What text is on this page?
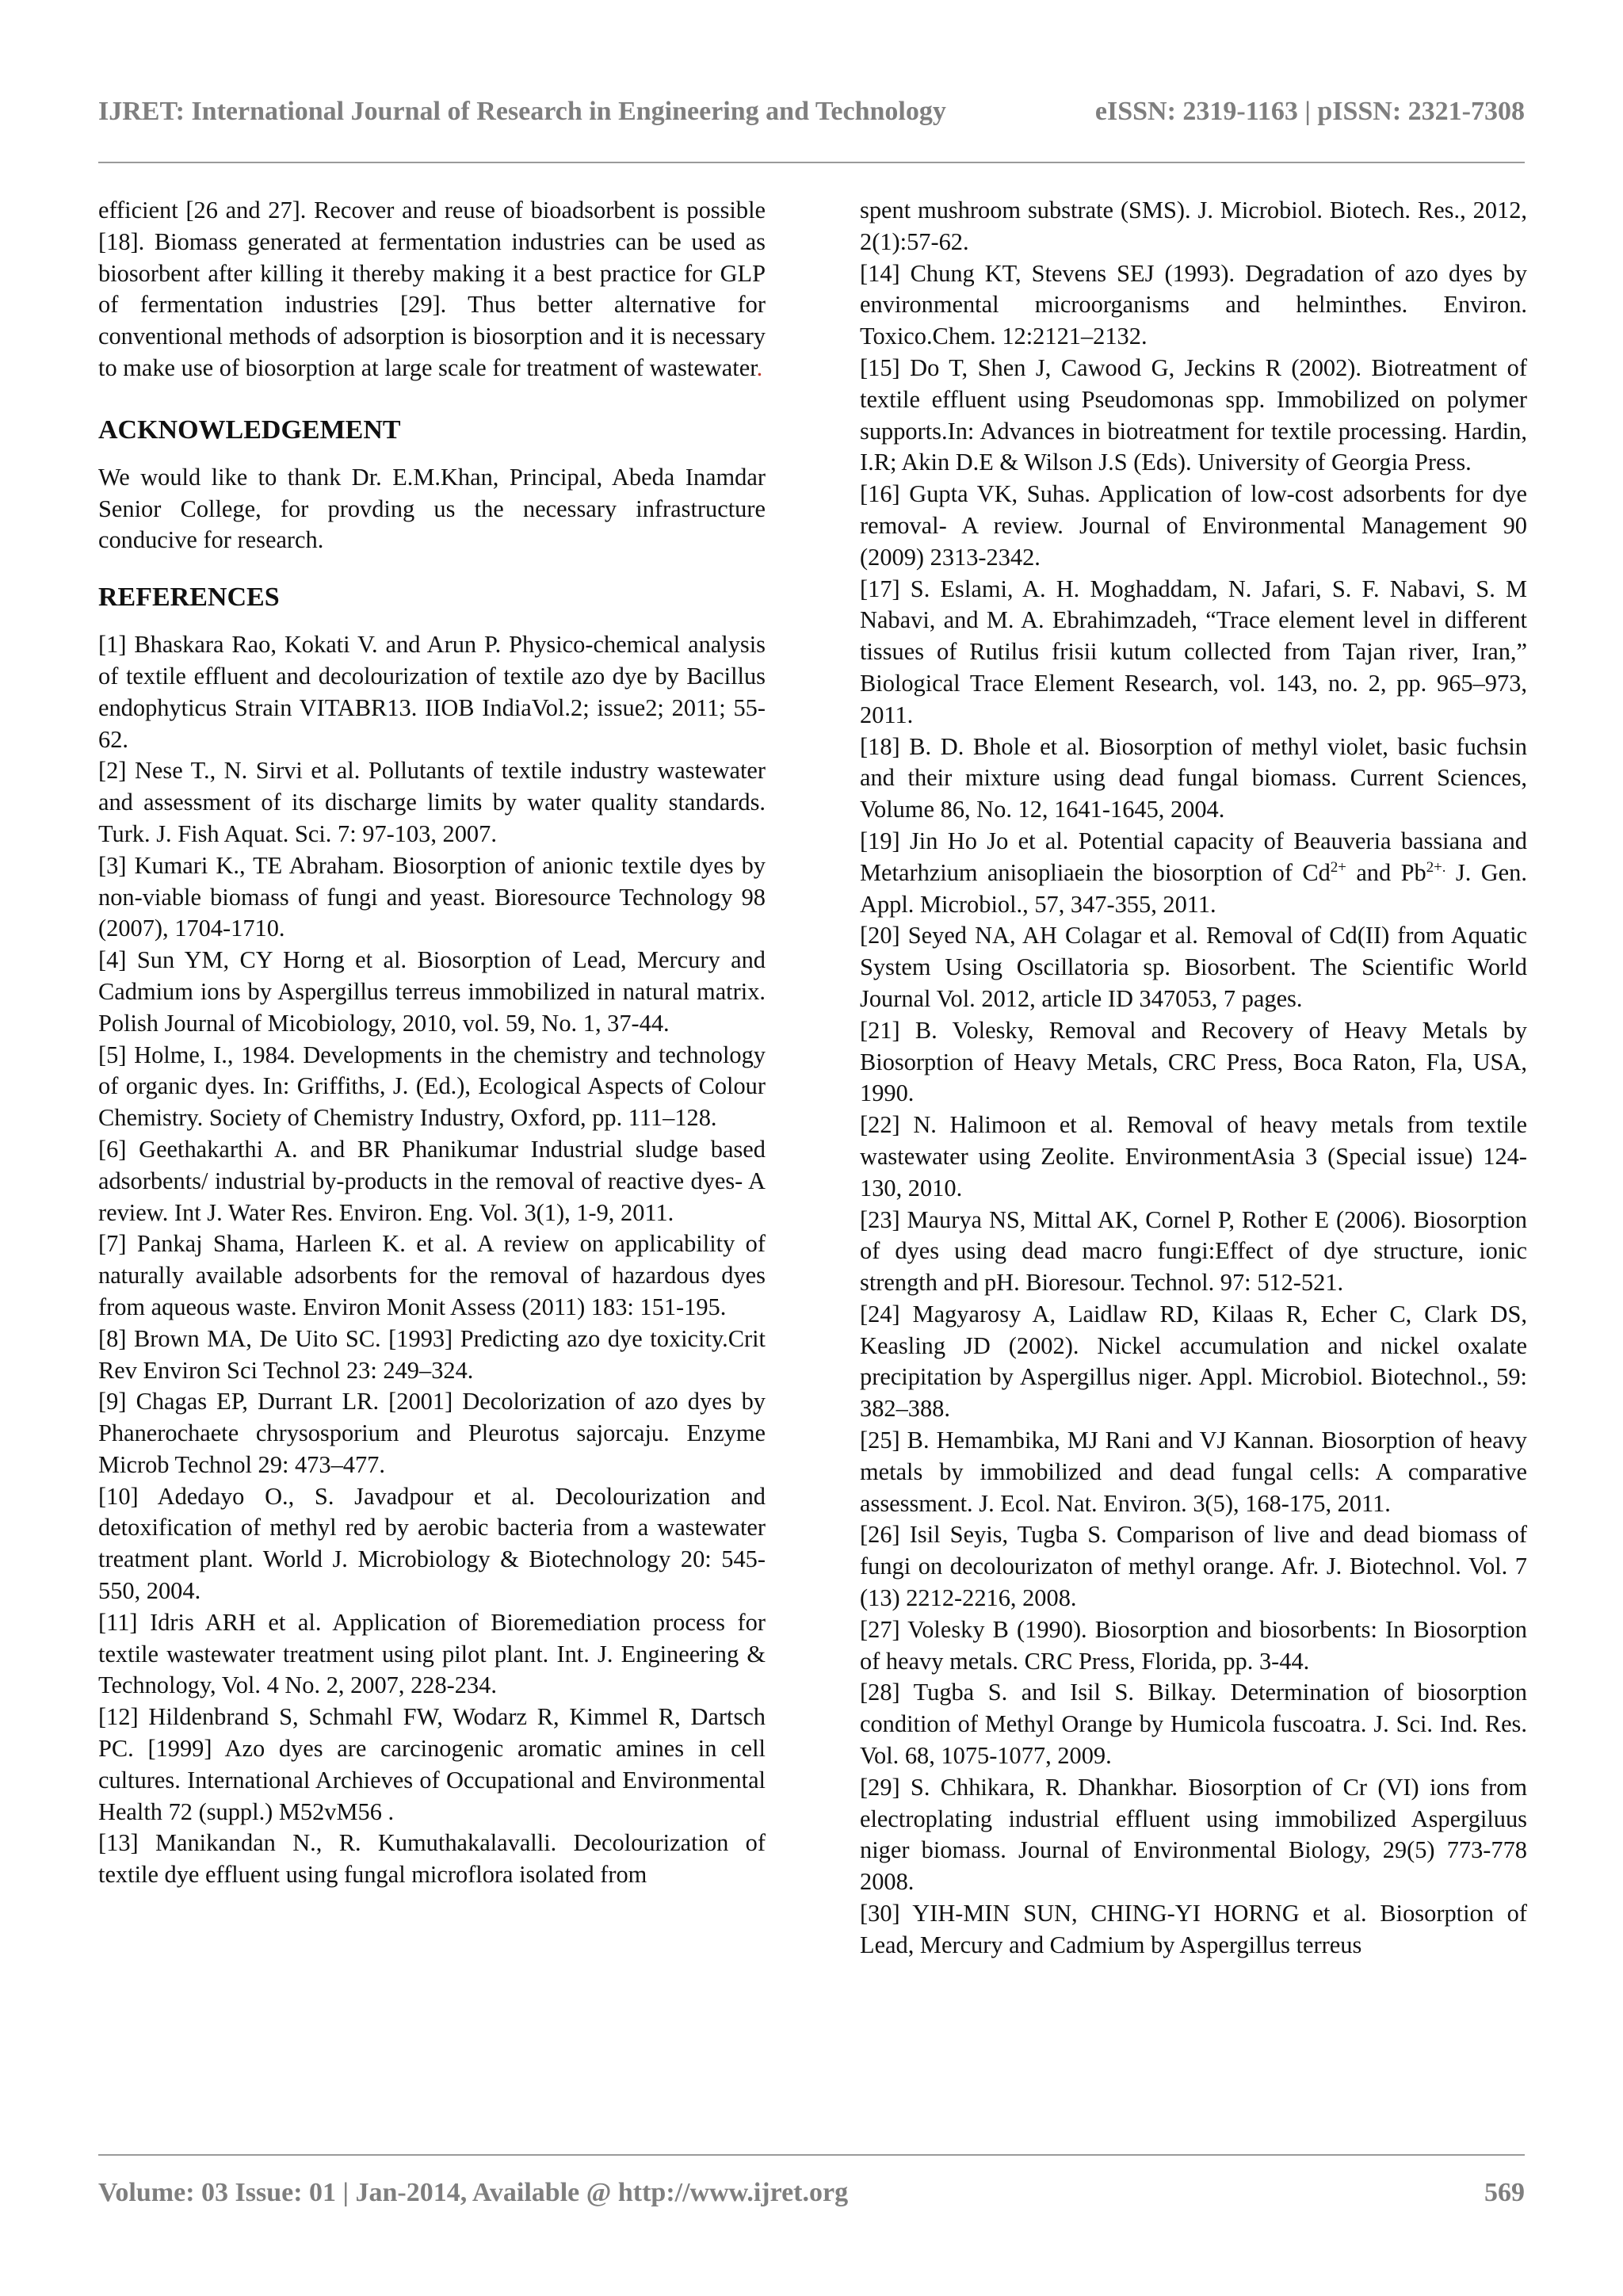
IJRET: International Journal of Research in Engineering and Technology	eISSN: 2319-1163 | pISSN: 2321-7308

efficient [26 and 27]. Recover and reuse of bioadsorbent is possible [18]. Biomass generated at fermentation industries can be used as biosorbent after killing it thereby making it a best practice for GLP of fermentation industries [29]. Thus better alternative for conventional methods of adsorption is biosorption and it is necessary to make use of biosorption at large scale for treatment of wastewater.

ACKNOWLEDGEMENT

We would like to thank Dr. E.M.Khan, Principal, Abeda Inamdar Senior College, for provding us the necessary infrastructure conducive for research.

REFERENCES

[1] Bhaskara Rao, Kokati V. and Arun P. Physico-chemical analysis of textile effluent and decolourization of textile azo dye by Bacillus endophyticus Strain VITABR13. IIOB IndiaVol.2; issue2; 2011; 55-62.

[2] Nese T., N. Sirvi et al. Pollutants of textile industry wastewater and assessment of its discharge limits by water quality standards. Turk. J. Fish Aquat. Sci. 7: 97-103, 2007.

[3] Kumari K., TE Abraham. Biosorption of anionic textile dyes by non-viable biomass of fungi and yeast. Bioresource Technology 98 (2007), 1704-1710.

[4] Sun YM, CY Horng et al. Biosorption of Lead, Mercury and Cadmium ions by Aspergillus terreus immobilized in natural matrix. Polish Journal of Micobiology, 2010, vol. 59, No. 1, 37-44.

[5] Holme, I., 1984. Developments in the chemistry and technology of organic dyes. In: Griffiths, J. (Ed.), Ecological Aspects of Colour Chemistry. Society of Chemistry Industry, Oxford, pp. 111–128.

[6] Geethakarthi A. and BR Phanikumar Industrial sludge based adsorbents/ industrial by-products in the removal of reactive dyes- A review. Int J. Water Res. Environ. Eng. Vol. 3(1), 1-9, 2011.

[7] Pankaj Shama, Harleen K. et al. A review on applicability of naturally available adsorbents for the removal of hazardous dyes from aqueous waste. Environ Monit Assess (2011) 183: 151-195.

[8] Brown MA, De Uito SC. [1993] Predicting azo dye toxicity.Crit Rev Environ Sci Technol 23: 249–324.

[9] Chagas EP, Durrant LR. [2001] Decolorization of azo dyes by Phanerochaete chrysosporium and Pleurotus sajorcaju. Enzyme Microb Technol 29: 473–477.

[10] Adedayo O., S. Javadpour et al. Decolourization and detoxification of methyl red by aerobic bacteria from a wastewater treatment plant. World J. Microbiology & Biotechnology 20: 545-550, 2004.

[11] Idris ARH et al. Application of Bioremediation process for textile wastewater treatment using pilot plant. Int. J. Engineering & Technology, Vol. 4 No. 2, 2007, 228-234.

[12] Hildenbrand S, Schmahl FW, Wodarz R, Kimmel R, Dartsch PC. [1999] Azo dyes are carcinogenic aromatic amines in cell cultures. International Archieves of Occupational and Environmental Health 72 (suppl.) M52vM56 .

[13] Manikandan N., R. Kumuthakalavalli. Decolourization of textile dye effluent using fungal microflora isolated from

spent mushroom substrate (SMS). J. Microbiol. Biotech. Res., 2012, 2(1):57-62.

[14] Chung KT, Stevens SEJ (1993). Degradation of azo dyes by environmental microorganisms and helminthes. Environ. Toxico.Chem. 12:2121–2132.

[15] Do T, Shen J, Cawood G, Jeckins R (2002). Biotreatment of textile effluent using Pseudomonas spp. Immobilized on polymer supports.In: Advances in biotreatment for textile processing. Hardin, I.R; Akin D.E & Wilson J.S (Eds). University of Georgia Press.

[16] Gupta VK, Suhas. Application of low-cost adsorbents for dye removal- A review. Journal of Environmental Management 90 (2009) 2313-2342.

[17] S. Eslami, A. H. Moghaddam, N. Jafari, S. F. Nabavi, S. M Nabavi, and M. A. Ebrahimzadeh, “Trace element level in different tissues of Rutilus frisii kutum collected from Tajan river, Iran,” Biological Trace Element Research, vol. 143, no. 2, pp. 965–973, 2011.

[18] B. D. Bhole et al. Biosorption of methyl violet, basic fuchsin and their mixture using dead fungal biomass. Current Sciences, Volume 86, No. 12, 1641-1645, 2004.

[19] Jin Ho Jo et al. Potential capacity of Beauveria bassiana and Metarhzium anisopliaein the biosorption of $Cd^{2+}$ and $Pb^{2+.}$ J. Gen. Appl. Microbiol., 57, 347-355, 2011.

[20] Seyed NA, AH Colagar et al. Removal of Cd(II) from Aquatic System Using Oscillatoria sp. Biosorbent. The Scientific World Journal Vol. 2012, article ID 347053, 7 pages.

[21] B. Volesky, Removal and Recovery of Heavy Metals by Biosorption of Heavy Metals, CRC Press, Boca Raton, Fla, USA, 1990.

[22] N. Halimoon et al. Removal of heavy metals from textile wastewater using Zeolite. EnvironmentAsia 3 (Special issue) 124-130, 2010.

[23] Maurya NS, Mittal AK, Cornel P, Rother E (2006). Biosorption of dyes using dead macro fungi:Effect of dye structure, ionic strength and pH. Bioresour. Technol. 97: 512-521.

[24] Magyarosy A, Laidlaw RD, Kilaas R, Echer C, Clark DS, Keasling JD (2002). Nickel accumulation and nickel oxalate precipitation by Aspergillus niger. Appl. Microbiol. Biotechnol., 59: 382–388.

[25] B. Hemambika, MJ Rani and VJ Kannan. Biosorption of heavy metals by immobilized and dead fungal cells: A comparative assessment. J. Ecol. Nat. Environ. 3(5), 168-175, 2011.

[26] Isil Seyis, Tugba S. Comparison of live and dead biomass of fungi on decolourizaton of methyl orange. Afr. J. Biotechnol. Vol. 7 (13) 2212-2216, 2008.

[27] Volesky B (1990). Biosorption and biosorbents: In Biosorption of heavy metals. CRC Press, Florida, pp. 3-44.

[28] Tugba S. and Isil S. Bilkay. Determination of biosorption condition of Methyl Orange by Humicola fuscoatra. J. Sci. Ind. Res. Vol. 68, 1075-1077, 2009.

[29] S. Chhikara, R. Dhankhar. Biosorption of Cr (VI) ions from electroplating industrial effluent using immobilized Aspergiluus niger biomass. Journal of Environmental Biology, 29(5) 773-778 2008.

[30] YIH-MIN SUN, CHING-YI HORNG et al. Biosorption of Lead, Mercury and Cadmium by Aspergillus terreus

Volume: 03 Issue: 01 | Jan-2014, Available @ http://www.ijret.org	569
